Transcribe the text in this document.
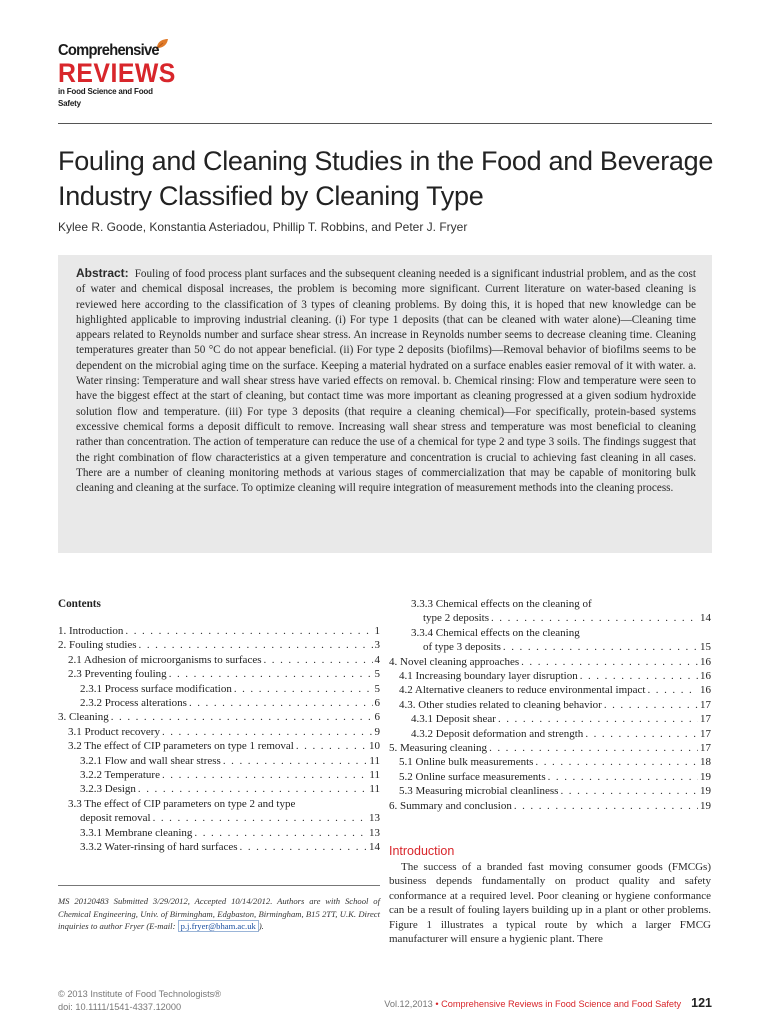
Comprehensive
REVIEWS
in Food Science and Food Safety
Fouling and Cleaning Studies in the Food and Beverage Industry Classified by Cleaning Type
Kylee R. Goode, Konstantia Asteriadou, Phillip T. Robbins, and Peter J. Fryer
Abstract: Fouling of food process plant surfaces and the subsequent cleaning needed is a significant industrial problem, and as the cost of water and chemical disposal increases, the problem is becoming more significant. Current literature on water-based cleaning is reviewed here according to the classification of 3 types of cleaning problems. By doing this, it is hoped that new knowledge can be highlighted applicable to improving industrial cleaning. (i) For type 1 deposits (that can be cleaned with water alone)—Cleaning time appears related to Reynolds number and surface shear stress. An increase in Reynolds number seems to decrease cleaning time. Cleaning temperatures greater than 50 °C do not appear beneficial. (ii) For type 2 deposits (biofilms)—Removal behavior of biofilms seems to be dependent on the microbial aging time on the surface. Keeping a material hydrated on a surface enables easier removal of it with water. a. Water rinsing: Temperature and wall shear stress have varied effects on removal. b. Chemical rinsing: Flow and temperature were seen to have the biggest effect at the start of cleaning, but contact time was more important as cleaning progressed at a given sodium hydroxide solution flow and temperature. (iii) For type 3 deposits (that require a cleaning chemical)—For specifically, protein-based systems excessive chemical forms a deposit difficult to remove. Increasing wall shear stress and temperature was most beneficial to cleaning rather than concentration. The action of temperature can reduce the use of a chemical for type 2 and type 3 soils. The findings suggest that the right combination of flow characteristics at a given temperature and concentration is crucial to achieving fast cleaning in all cases. There are a number of cleaning monitoring methods at various stages of commercialization that may be capable of monitoring bulk cleaning and cleaning at the surface. To optimize cleaning will require integration of measurement methods into the cleaning process.
Contents
1. Introduction . . .	1
2. Fouling studies . . .	3
2.1 Adhesion of microorganisms to surfaces . . .	4
2.3 Preventing fouling . . .	5
2.3.1 Process surface modification . . .	5
2.3.2 Process alterations . . .	6
3. Cleaning . . .	6
3.1 Product recovery . . .	9
3.2 The effect of CIP parameters on type 1 removal . . .	10
3.2.1 Flow and wall shear stress . . .	11
3.2.2 Temperature . . .	11
3.2.3 Design . . .	11
3.3 The effect of CIP parameters on type 2 and type
deposit removal . . .	13
3.3.1 Membrane cleaning . . .	13
3.3.2 Water-rinsing of hard surfaces . . .	14
3.3.3 Chemical effects on the cleaning of
type 2 deposits . . .	14
3.3.4 Chemical effects on the cleaning
of type 3 deposits . . .	15
4. Novel cleaning approaches . . .	16
4.1 Increasing boundary layer disruption . . .	16
4.2 Alternative cleaners to reduce environmental impact . . .	16
4.3. Other studies related to cleaning behavior . . .	17
4.3.1 Deposit shear . . .	17
4.3.2 Deposit deformation and strength . . .	17
5. Measuring cleaning . . .	17
5.1 Online bulk measurements . . .	18
5.2 Online surface measurements . . .	19
5.3 Measuring microbial cleanliness . . .	19
6. Summary and conclusion . . .	19
MS 20120483 Submitted 3/29/2012, Accepted 10/14/2012. Authors are with School of Chemical Engineering, Univ. of Birmingham, Edgbaston, Birmingham, B15 2TT, U.K. Direct inquiries to author Fryer (E-mail: p.j.fryer@bham.ac.uk ).
Introduction

The success of a branded fast moving consumer goods (FMCGs) business depends fundamentally on product quality and safety conformance at a required level. Poor cleaning or hygiene conformance can be a result of fouling layers building up in a plant or other problems. Figure 1 illustrates a typical route by which a larger FMCG manufacturer will ensure a hygienic plant. There

© 2013 Institute of Food Technologists®
doi: 10.1111/1541-4337.12000	Vol.12,2013
•
Comprehensive Reviews in Food Science and Food Safety 121
